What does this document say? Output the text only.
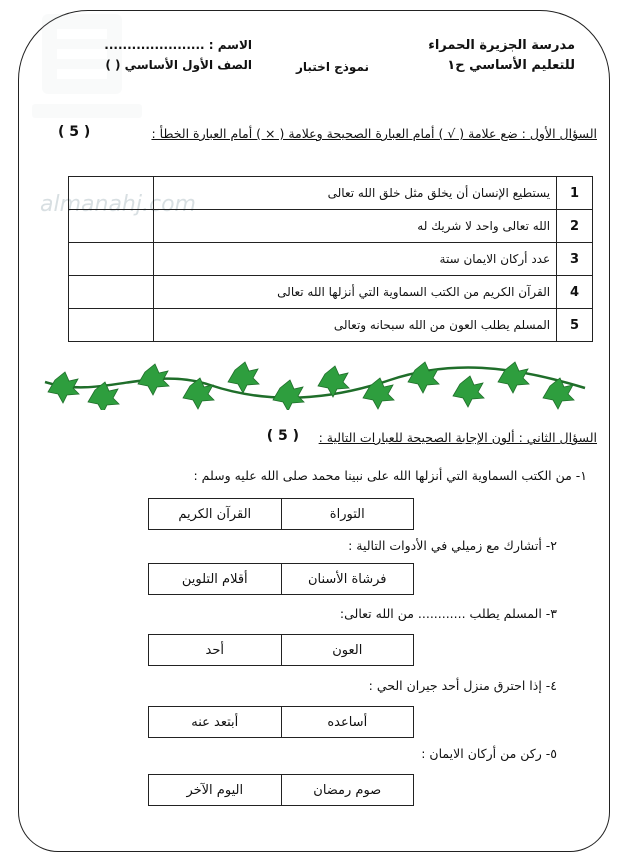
almanahj.com
مدرسة الجزيرة الحمراء
للتعليم الأساسي ح١
نموذج اختبار
الاسم : ......................
الصف الأول الأساسي ( )
السؤال الأول : ضع علامة ( √ ) أمام العبارة الصحيحة وعلامة ( × ) أمام العبارة الخطأ :
( 5 )
1	يستطيع الإنسان أن يخلق مثل خلق الله تعالى	
2	الله تعالى واحد لا شريك له	
3	عدد أركان الايمان ستة	
4	القرآن الكريم من الكتب السماوية التي أنزلها الله تعالى	
5	المسلم يطلب العون من الله سبحانه وتعالى	
السؤال الثاني : ألون الإجابة الصحيحة للعبارات التالية :
( 5 )
١- من الكتب السماوية التي أنزلها الله على نبينا محمد صلى الله عليه وسلم :
التوراة
القرآن الكريم
٢- أتشارك مع زميلي في الأدوات التالية :
فرشاة الأسنان
أقلام التلوين
٣- المسلم يطلب ............ من الله تعالى:
العون
أحد
٤- إذا احترق منزل أحد جيران الحي :
أساعده
أبتعد عنه
٥- ركن من أركان الايمان :
صوم رمضان
اليوم الآخر
